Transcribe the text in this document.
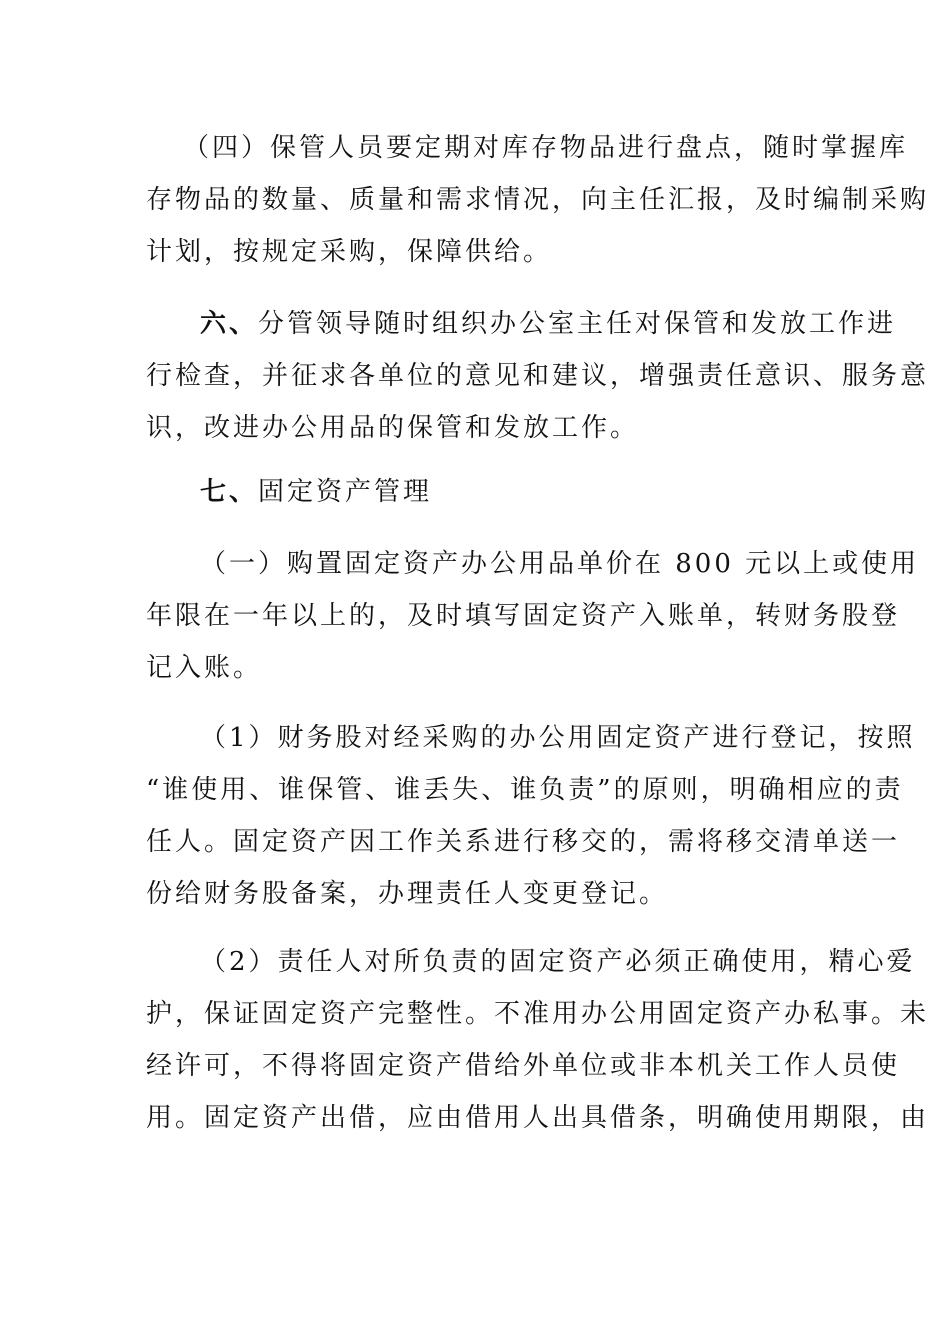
（四）保管人员要定期对库存物品进行盘点，随时掌握库
存物品的数量、质量和需求情况，向主任汇报，及时编制采购
计划，按规定采购，保障供给。
六、分管领导随时组织办公室主任对保管和发放工作进
行检查，并征求各单位的意见和建议，增强责任意识、服务意
识，改进办公用品的保管和发放工作。
七、固定资产管理
（一）购置固定资产办公用品单价在 800 元以上或使用
年限在一年以上的，及时填写固定资产入账单，转财务股登
记入账。
（1）财务股对经采购的办公用固定资产进行登记，按照
“谁使用、谁保管、谁丢失、谁负责”的原则，明确相应的责
任人。固定资产因工作关系进行移交的，需将移交清单送一
份给财务股备案，办理责任人变更登记。
（2）责任人对所负责的固定资产必须正确使用，精心爱
护，保证固定资产完整性。不准用办公用固定资产办私事。未
经许可，不得将固定资产借给外单位或非本机关工作人员使
用。固定资产出借，应由借用人出具借条，明确使用期限，由
